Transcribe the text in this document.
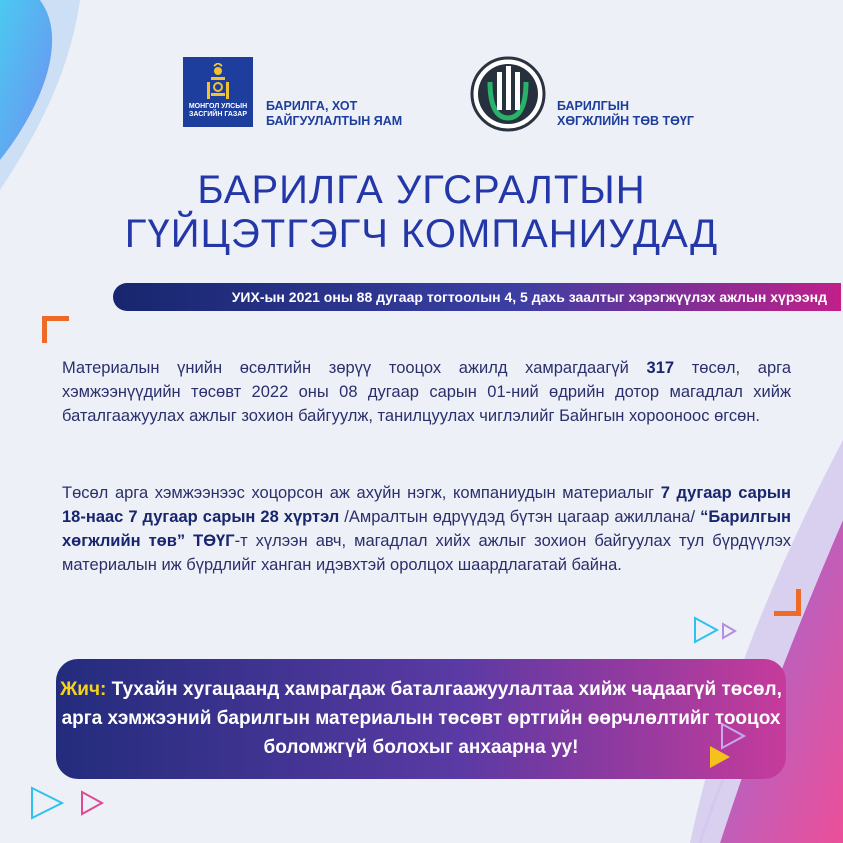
МОНГОЛ УЛСЫН ЗАСГИЙН ГАЗАР
БАРИЛГА, ХОТ
БАЙГУУЛАЛТЫН ЯАМ
БАРИЛГЫН
ХӨГЖЛИЙН ТӨВ ТӨҮГ
БАРИЛГА УГСРАЛТЫН
ГҮЙЦЭТГЭГЧ КОМПАНИУДАД
УИХ-ын 2021 оны 88 дугаар тогтоолын 4, 5 дахь заалтыг хэрэгжүүлэх ажлын хүрээнд
Материалын үнийн өсөлтийн зөрүү тооцох ажилд хамрагдаагүй 317 төсөл, арга хэмжээнүүдийн төсөвт 2022 оны 08 дугаар сарын 01-ний өдрийн дотор магадлал хийж баталгаажуулах ажлыг зохион байгуулж, танилцуулах чиглэлийг Байнгын хорооноос өгсөн.
Төсөл арга хэмжээнээс хоцорсон аж ахуйн нэгж, компаниудын материалыг 7 дугаар сарын 18-наас 7 дугаар сарын 28 хүртэл /Амралтын өдрүүдэд бүтэн цагаар ажиллана/ “Барилгын хөгжлийн төв” ТӨҮГ-т хүлээн авч, магадлал хийх ажлыг зохион байгуулах тул бүрдүүлэх материалын иж бүрдлийг ханган идэвхтэй оролцох шаардлагатай байна.
Жич: Тухайн хугацаанд хамрагдаж баталгаажуулалтаа хийж чадаагүй төсөл, арга хэмжээний барилгын материалын төсөвт өртгийн өөрчлөлтийг тооцох боломжгүй болохыг анхаарна уу!
